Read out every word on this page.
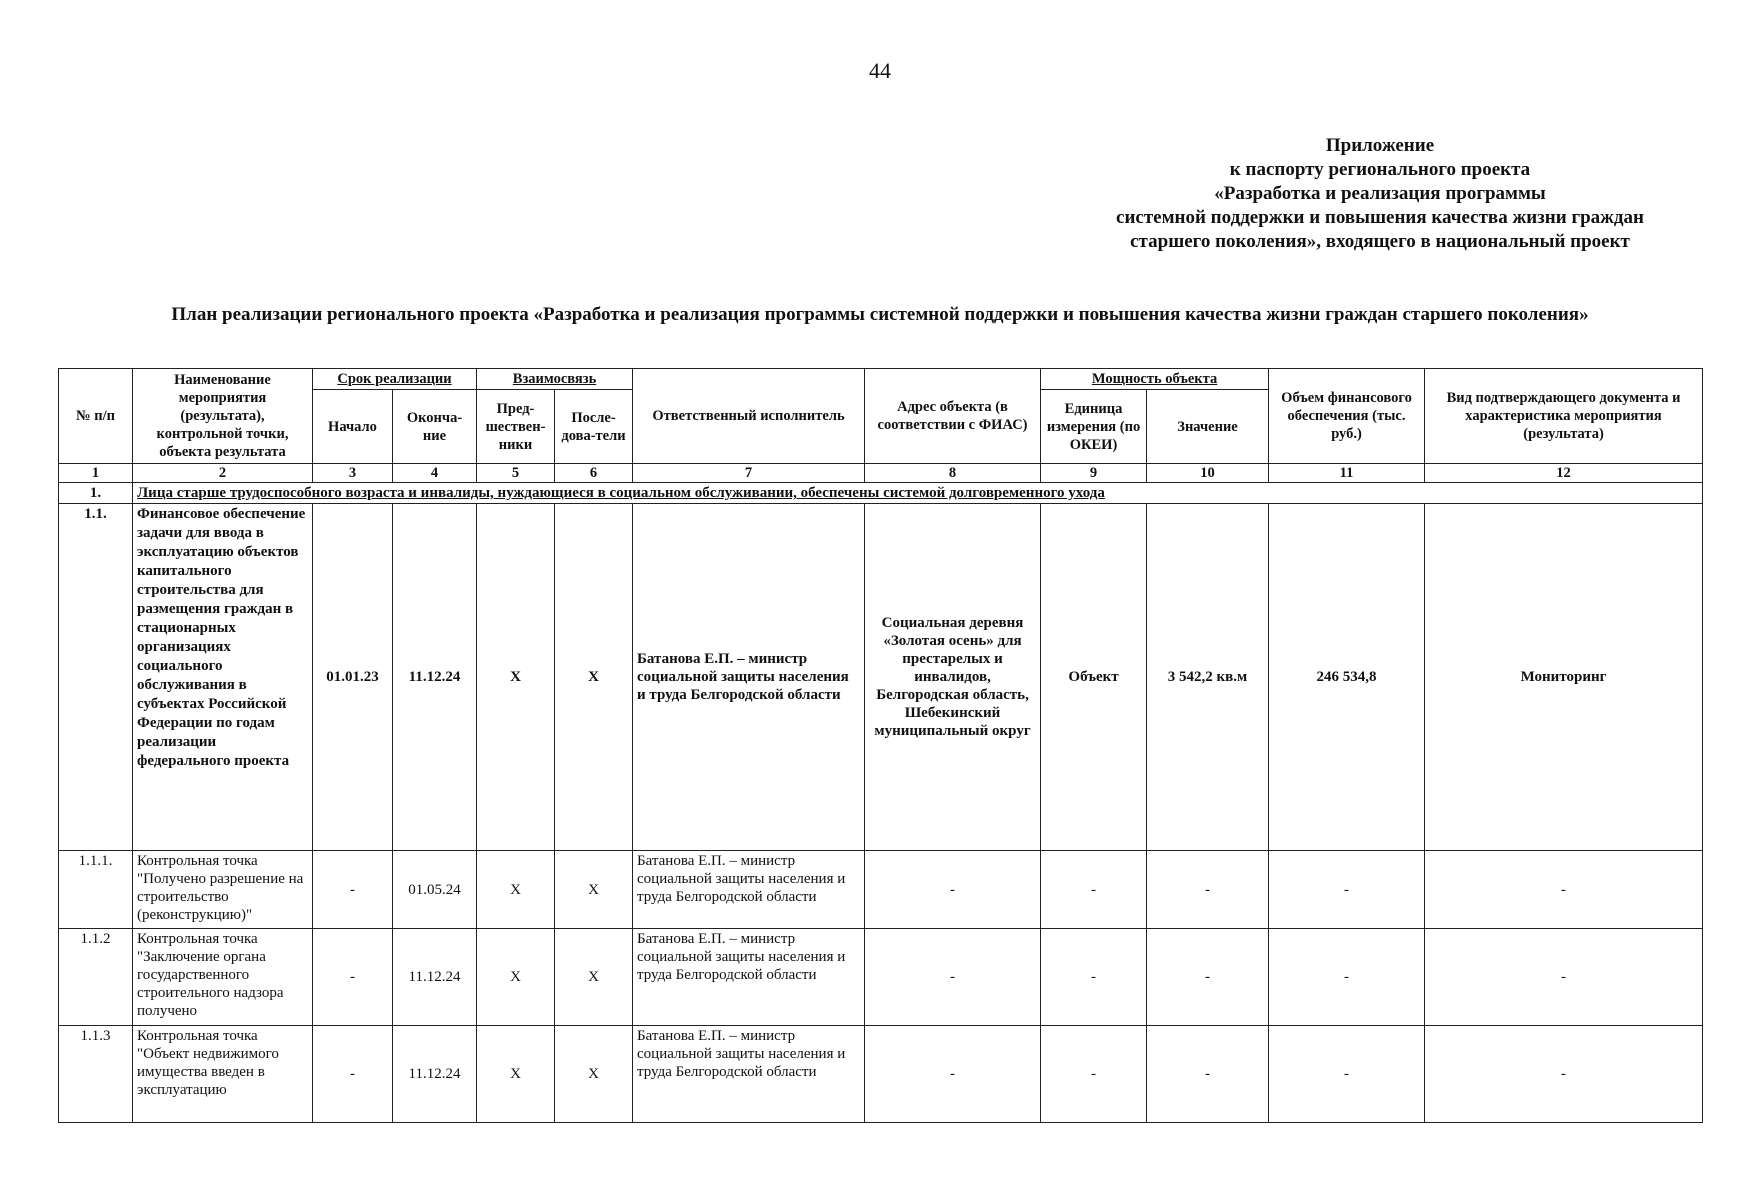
44
Приложение
к паспорту регионального проекта
«Разработка и реализация программы
системной поддержки и повышения качества жизни граждан
старшего поколения», входящего в национальный проект
План реализации регионального проекта «Разработка и реализация программы системной поддержки и повышения качества жизни граждан старшего поколения»
№ п/п	Наименование мероприятия (результата), контрольной точки, объекта результата	Срок реализации		Взаимосвязь		Ответственный исполнитель	Адрес объекта (в соответствии с ФИАС)	Мощность объекта		Объем финансового обеспечения (тыс. руб.)	Вид подтверждающего документа и характеристика мероприятия (результата)
		Начало	Оконча-ние	Пред-шествен-ники	После-дова-тели			Единица измерения (по ОКЕИ)	Значение		
1	2	3	4	5	6	7	8	9	10	11	12
1.	Лица старше трудоспособного возраста и инвалиды, нуждающиеся в социальном обслуживании, обеспечены системой долговременного ухода										
1.1.	Финансовое обеспечение задачи для ввода в эксплуатацию объектов капитального строительства для размещения граждан в стационарных организациях социального обслуживания в субъектах Российской Федерации по годам реализации федерального проекта	01.01.23	11.12.24	X	X	Батанова Е.П. – министр социальной защиты населения и труда Белгородской области	Социальная деревня «Золотая осень» для престарелых и инвалидов, Белгородская область, Шебекинский муниципальный округ	Объект	3 542,2 кв.м	246 534,8	Мониторинг
1.1.1.	Контрольная точка "Получено разрешение на строительство (реконструкцию)"	-	01.05.24	X	X	Батанова Е.П. – министр социальной защиты населения и труда Белгородской области	-	-	-	-	-
1.1.2	Контрольная точка "Заключение органа государственного строительного надзора получено	-	11.12.24	X	X	Батанова Е.П. – министр социальной защиты населения и труда Белгородской области	-	-	-	-	-
1.1.3	Контрольная точка "Объект недвижимого имущества введен в эксплуатацию	-	11.12.24	X	X	Батанова Е.П. – министр социальной защиты населения и труда Белгородской области	-	-	-	-	-
